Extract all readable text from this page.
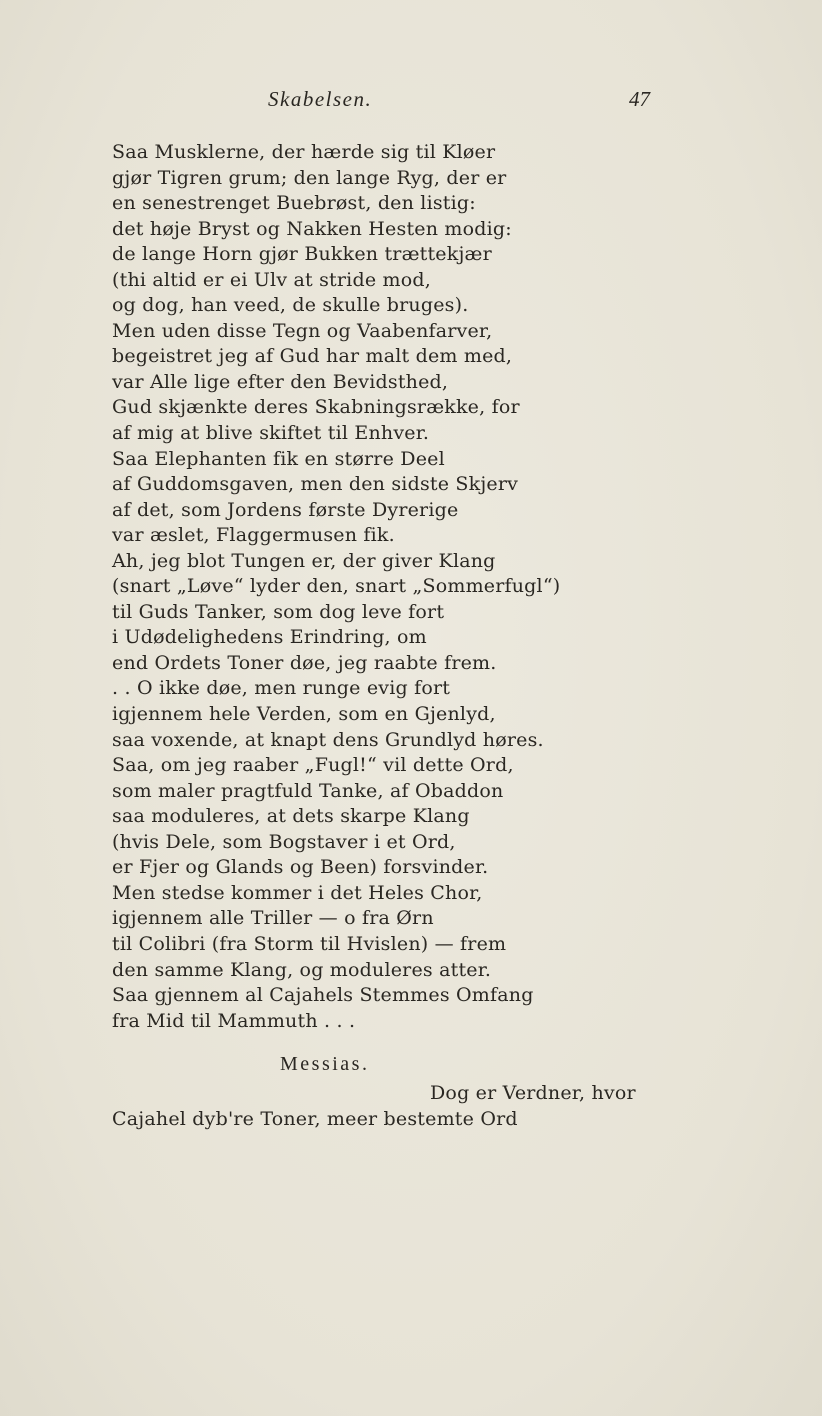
Skabelsen.	47
Saa Musklerne, der hærde sig til Kløer
gjør Tigren grum; den lange Ryg, der er
en senestrenget Buebrøst, den listig:
det høje Bryst og Nakken Hesten modig:
de lange Horn gjør Bukken trættekjær
(thi altid er ei Ulv at stride mod,
og dog, han veed, de skulle bruges).
Men uden disse Tegn og Vaabenfarver,
begeistret jeg af Gud har malt dem med,
var Alle lige efter den Bevidsthed,
Gud skjænkte deres Skabningsrække, for
af mig at blive skiftet til Enhver.
Saa Elephanten fik en større Deel
af Guddomsgaven, men den sidste Skjerv
af det, som Jordens første Dyrerige
var æslet, Flaggermusen fik.
Ah, jeg blot Tungen er, der giver Klang
(snart „Løve“ lyder den, snart „Sommerfugl“)
til Guds Tanker, som dog leve fort
i Udødelighedens Erindring, om
end Ordets Toner døe, jeg raabte frem.
. . O ikke døe, men runge evig fort
igjennem hele Verden, som en Gjenlyd,
saa voxende, at knapt dens Grundlyd høres.
Saa, om jeg raaber „Fugl!“ vil dette Ord,
som maler pragtfuld Tanke, af Obaddon
saa moduleres, at dets skarpe Klang
(hvis Dele, som Bogstaver i et Ord,
er Fjer og Glands og Been) forsvinder.
Men stedse kommer i det Heles Chor,
igjennem alle Triller — o fra Ørn
til Colibri (fra Storm til Hvislen) — frem
den samme Klang, og moduleres atter.
Saa gjennem al Cajahels Stemmes Omfang
fra Mid til Mammuth . . .
Messias.
Dog er Verdner, hvor
Cajahel dyb're Toner, meer bestemte Ord
